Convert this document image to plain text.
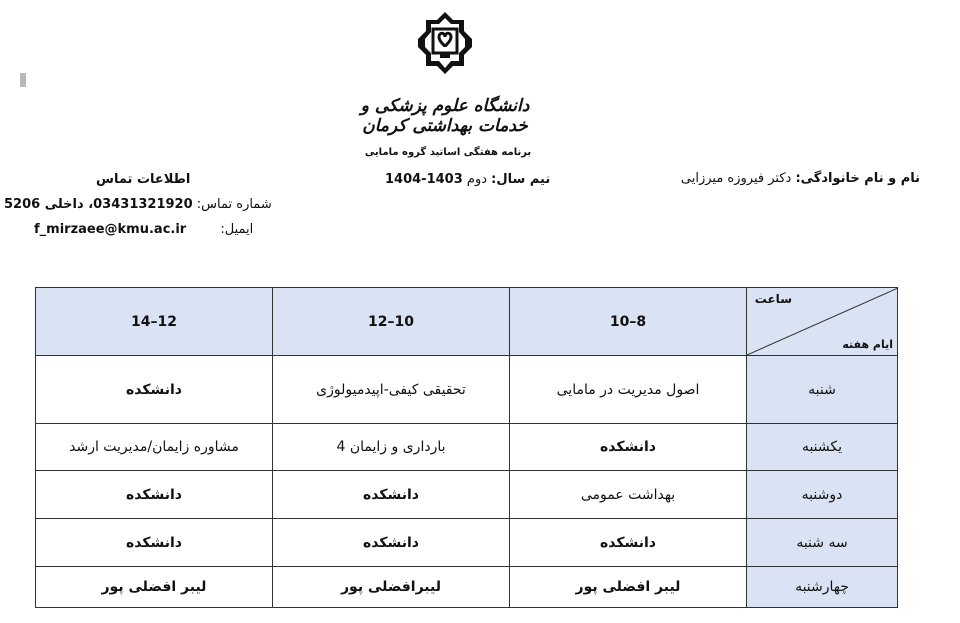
دانشگاه علوم پزشکی و خدمات بهداشتی کرمان
برنامه هفتگی اساتید گروه مامایی
نام و نام خانوادگی: دکتر فیروزه میرزایی
نیم سال: دوم 1404-1403
اطلاعات تماس
شماره تماس: 03431321920، داخلی 5206
ایمیل: f_mirzaee@kmu.ac.ir
ساعت
ایام هفته	8–10	10–12	12–14
شنبه	اصول مدیریت در مامایی	تحقیقی کیفی-اپیدمیولوژی	دانشکده
یکشنبه	دانشکده	بارداری و زایمان 4	مشاوره زایمان/مدیریت ارشد
دوشنبه	بهداشت عمومی	دانشکده	دانشکده
سه شنبه	دانشکده	دانشکده	دانشکده
چهارشنبه	لیبر افضلی پور	لیبرافضلی پور	لیبر افضلی پور
